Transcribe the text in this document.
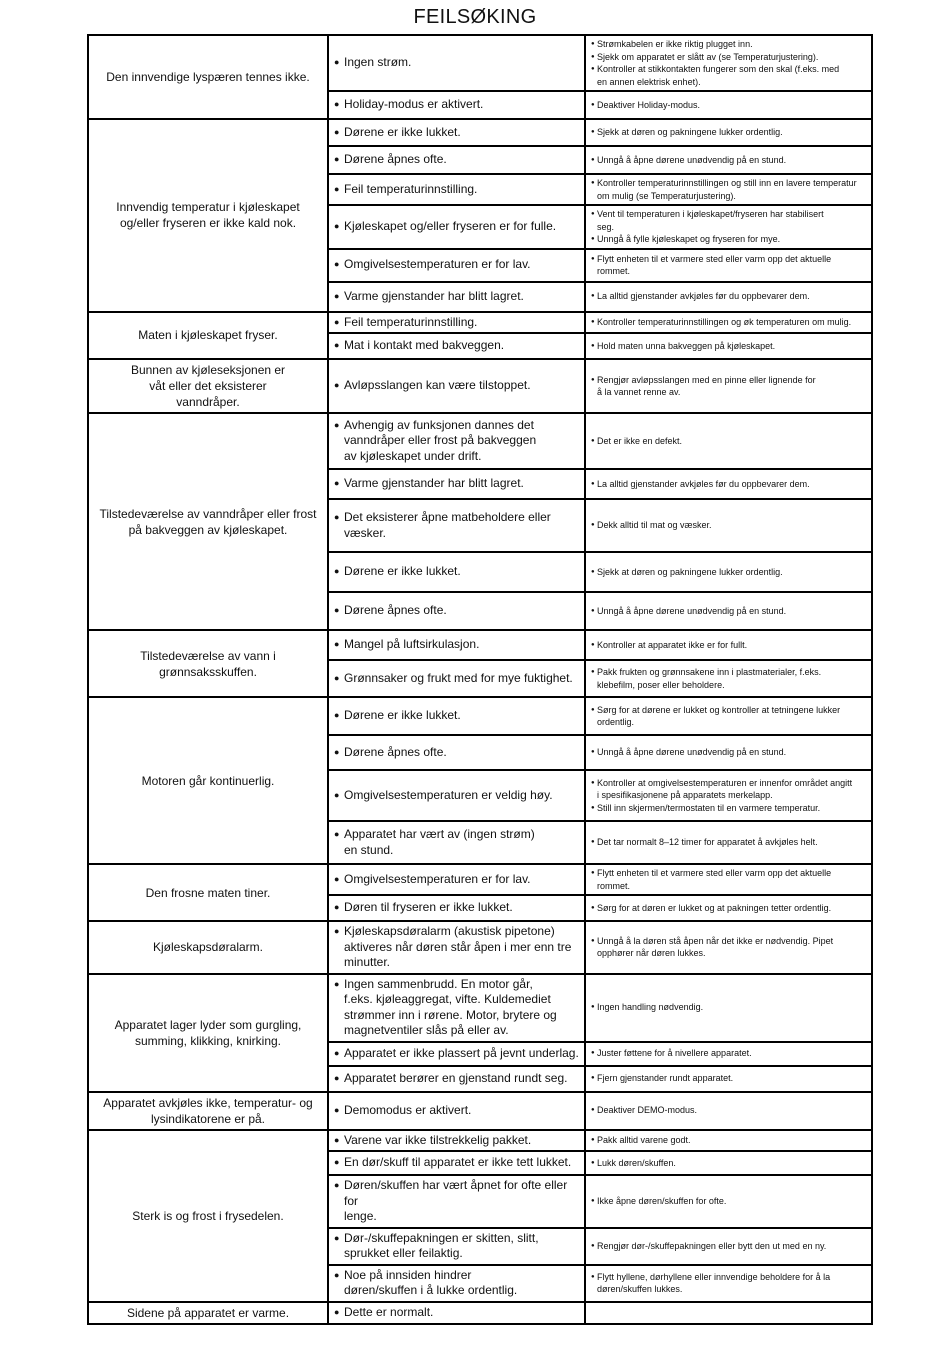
FEILSØKING
Den innvendige lyspæren tennes ikke.	● Ingen strøm.	● Strømkabelen er ikke riktig plugget inn.
● Sjekk om apparatet er slått av (se Temperaturjustering).
● Kontroller at stikkontakten fungerer som den skal (f.eks. med
en annen elektrisk enhet).

	● Holiday-modus er aktivert.	● Deaktiver Holiday-modus.

Innvendig temperatur i kjøleskapet
og/eller fryseren er ikke kald nok.	● Dørene er ikke lukket.	● Sjekk at døren og pakningene lukker ordentlig.

	● Dørene åpnes ofte.	● Unngå å åpne dørene unødvendig på en stund.

	● Feil temperaturinnstilling.	● Kontroller temperaturinnstillingen og still inn en lavere temperatur
om mulig (se Temperaturjustering).

	● Kjøleskapet og/eller fryseren er for fulle.	● Vent til temperaturen i kjøleskapet/fryseren har stabilisert
seg.
● Unngå å fylle kjøleskapet og fryseren for mye.

	● Omgivelsestemperaturen er for lav.	● Flytt enheten til et varmere sted eller varm opp det aktuelle
rommet.

	● Varme gjenstander har blitt lagret.	● La alltid gjenstander avkjøles før du oppbevarer dem.

Maten i kjøleskapet fryser.	● Feil temperaturinnstilling.	● Kontroller temperaturinnstillingen og øk temperaturen om mulig.

	● Mat i kontakt med bakveggen.	● Hold maten unna bakveggen på kjøleskapet.

Bunnen av kjøleseksjonen er
våt eller det eksisterer
vanndråper.	● Avløpsslangen kan være tilstoppet.	● Rengjør avløpsslangen med en pinne eller lignende for
å la vannet renne av.

Tilstedeværelse av vanndråper eller frost
på bakveggen av kjøleskapet.	● Avhengig av funksjonen dannes det
vanndråper eller frost på bakveggen
av kjøleskapet under drift.	● Det er ikke en defekt.

	● Varme gjenstander har blitt lagret.	● La alltid gjenstander avkjøles før du oppbevarer dem.

	● Det eksisterer åpne matbeholdere eller
væsker.	● Dekk alltid til mat og væsker.

	● Dørene er ikke lukket.	● Sjekk at døren og pakningene lukker ordentlig.

	● Dørene åpnes ofte.	● Unngå å åpne dørene unødvendig på en stund.

Tilstedeværelse av vann i grønnsaksskuffen.	● Mangel på luftsirkulasjon.	● Kontroller at apparatet ikke er for fullt.

	● Grønnsaker og frukt med for mye fuktighet.	● Pakk frukten og grønnsakene inn i plastmaterialer, f.eks.
klebefilm, poser eller beholdere.

Motoren går kontinuerlig.	● Dørene er ikke lukket.	● Sørg for at dørene er lukket og kontroller at tetningene lukker
ordentlig.

	● Dørene åpnes ofte.	● Unngå å åpne dørene unødvendig på en stund.

	● Omgivelsestemperaturen er veldig høy.	● Kontroller at omgivelsestemperaturen er innenfor området angitt
i spesifikasjonene på apparatets merkelapp.
● Still inn skjermen/termostaten til en varmere temperatur.

	● Apparatet har vært av (ingen strøm)
en stund.	● Det tar normalt 8–12 timer for apparatet å avkjøles helt.

Den frosne maten tiner.	● Omgivelsestemperaturen er for lav.	● Flytt enheten til et varmere sted eller varm opp det aktuelle
rommet.

	● Døren til fryseren er ikke lukket.	● Sørg for at døren er lukket og at pakningen tetter ordentlig.

Kjøleskapsdøralarm.	● Kjøleskapsdøralarm (akustisk pipetone)
aktiveres når døren står åpen i mer enn tre
minutter.	● Unngå å la døren stå åpen når det ikke er nødvendig. Pipet
opphører når døren lukkes.

Apparatet lager lyder som gurgling,
summing, klikking, knirking.	● Ingen sammenbrudd. En motor går,
f.eks. kjøleaggregat, vifte. Kuldemediet
strømmer inn i rørene. Motor, brytere og
magnetventiler slås på eller av.	● Ingen handling nødvendig.

	● Apparatet er ikke plassert på jevnt underlag.	● Juster føttene for å nivellere apparatet.

	● Apparatet berører en gjenstand rundt seg.	● Fjern gjenstander rundt apparatet.

Apparatet avkjøles ikke, temperatur- og
lysindikatorene er på.	● Demomodus er aktivert.	● Deaktiver DEMO-modus.

Sterk is og frost i frysedelen.	● Varene var ikke tilstrekkelig pakket.	● Pakk alltid varene godt.

	● En dør/skuff til apparatet er ikke tett lukket.	● Lukk døren/skuffen.

	● Døren/skuffen har vært åpnet for ofte eller for
lenge.	● Ikke åpne døren/skuffen for ofte.

	● Dør-/skuffepakningen er skitten, slitt,
sprukket eller feilaktig.	● Rengjør dør-/skuffepakningen eller bytt den ut med en ny.

	● Noe på innsiden hindrer
døren/skuffen i å lukke ordentlig.	● Flytt hyllene, dørhyllene eller innvendige beholdere for å la
døren/skuffen lukkes.

Sidene på apparatet er varme.	● Dette er normalt.
